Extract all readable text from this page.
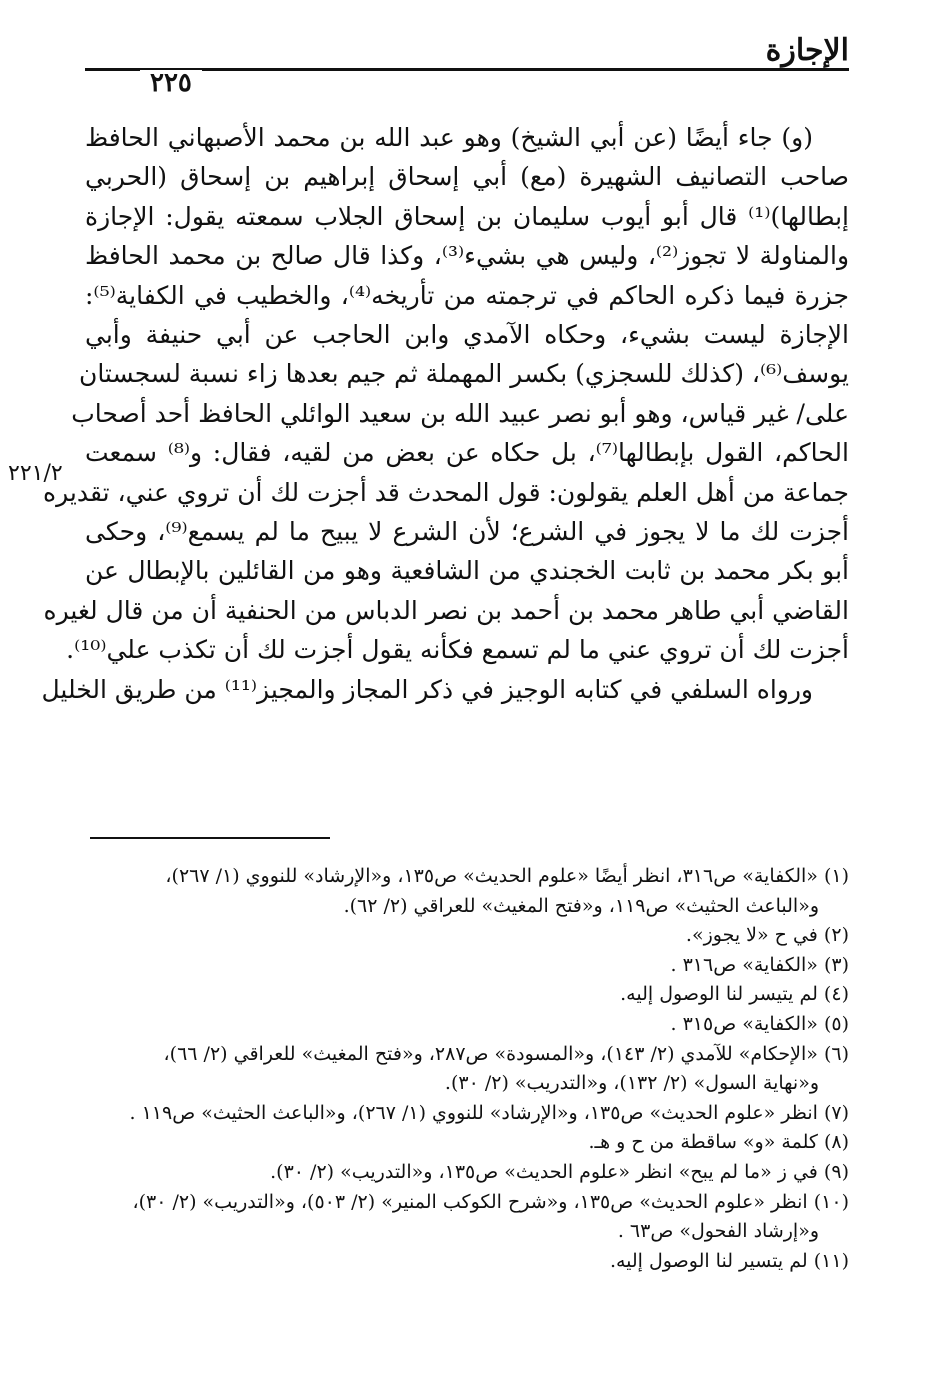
الإجازة
٢٢٥
٢٢١/٢
(و) جاء أيضًا (عن أبي الشيخ) وهو عبد الله بن محمد الأصبهاني الحافظ
صاحب التصانيف الشهيرة (مع) أبي إسحاق إبراهيم بن إسحاق (الحربي
إبطالها)⁽¹⁾ قال أبو أيوب سليمان بن إسحاق الجلاب سمعته يقول: الإجازة
والمناولة لا تجوز⁽²⁾، وليس هي بشيء⁽³⁾، وكذا قال صالح بن محمد الحافظ
جزرة فيما ذكره الحاكم في ترجمته من تأريخه⁽⁴⁾، والخطيب في الكفاية⁽⁵⁾:
الإجازة ليست بشيء، وحكاه الآمدي وابن الحاجب عن أبي حنيفة وأبي
يوسف⁽⁶⁾، (كذلك للسجزي) بكسر المهملة ثم جيم بعدها زاء نسبة لسجستان
على/ غير قياس، وهو أبو نصر عبيد الله بن سعيد الوائلي الحافظ أحد أصحاب
الحاكم، القول بإبطالها⁽⁷⁾، بل حكاه عن بعض من لقيه، فقال: و⁽⁸⁾ سمعت
جماعة من أهل العلم يقولون: قول المحدث قد أجزت لك أن تروي عني، تقديره
أجزت لك ما لا يجوز في الشرع؛ لأن الشرع لا يبيح ما لم يسمع⁽⁹⁾، وحكى
أبو بكر محمد بن ثابت الخجندي من الشافعية وهو من القائلين بالإبطال عن
القاضي أبي طاهر محمد بن أحمد بن نصر الدباس من الحنفية أن من قال لغيره
أجزت لك أن تروي عني ما لم تسمع فكأنه يقول أجزت لك أن تكذب علي⁽¹⁰⁾.
ورواه السلفي في كتابه الوجيز في ذكر المجاز والمجيز⁽¹¹⁾ من طريق الخليل
(١) «الكفاية» ص٣١٦، انظر أيضًا «علوم الحديث» ص١٣٥، و«الإرشاد» للنووي (١/ ٢٦٧)،
و«الباعث الحثيث» ص١١٩، و«فتح المغيث» للعراقي (٢/ ٦٢).
(٢) في ح «لا يجوز».
(٣) «الكفاية» ص٣١٦ .
(٤) لم يتيسر لنا الوصول إليه.
(٥) «الكفاية» ص٣١٥ .
(٦) «الإحكام» للآمدي (٢/ ١٤٣)، و«المسودة» ص٢٨٧، و«فتح المغيث» للعراقي (٢/ ٦٦)،
و«نهاية السول» (٢/ ١٣٢)، و«التدريب» (٢/ ٣٠).
(٧) انظر «علوم الحديث» ص١٣٥، و«الإرشاد» للنووي (١/ ٢٦٧)، و«الباعث الحثيث» ص١١٩ .
(٨) كلمة «و» ساقطة من ح و هـ.
(٩) في ز «ما لم يبح» انظر «علوم الحديث» ص١٣٥، و«التدريب» (٢/ ٣٠).
(١٠) انظر «علوم الحديث» ص١٣٥، و«شرح الكوكب المنير» (٢/ ٥٠٣)، و«التدريب» (٢/ ٣٠)،
و«إرشاد الفحول» ص٦٣ .
(١١) لم يتسير لنا الوصول إليه.
